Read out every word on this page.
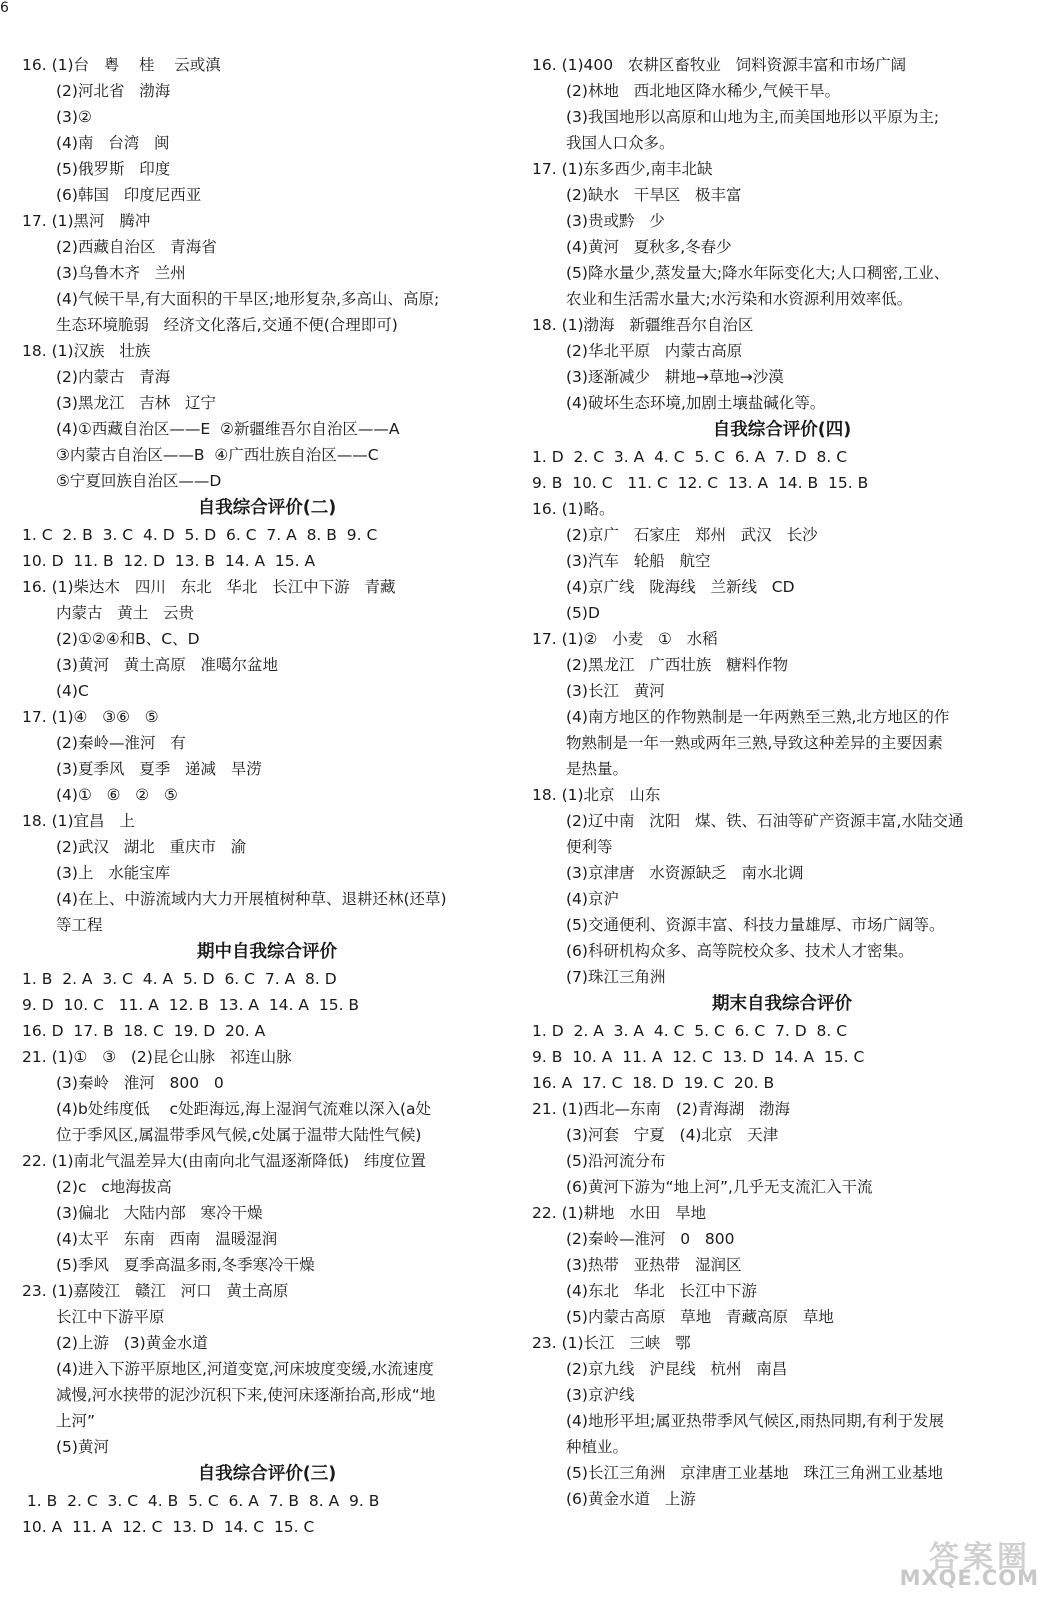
6
16. (1)台   粤    桂    云或滇
(2)河北省   渤海
(3)②
(4)南   台湾   闽
(5)俄罗斯   印度
(6)韩国   印度尼西亚
17. (1)黑河   腾冲
(2)西藏自治区   青海省
(3)乌鲁木齐   兰州
(4)气候干旱,有大面积的干旱区;地形复杂,多高山、高原;
生态环境脆弱   经济文化落后,交通不便(合理即可)
18. (1)汉族   壮族
(2)内蒙古   青海
(3)黑龙江   吉林   辽宁
(4)①西藏自治区——E  ②新疆维吾尔自治区——A
③内蒙古自治区——B  ④广西壮族自治区——C
⑤宁夏回族自治区——D
自我综合评价(二)
1. C  2. B  3. C  4. D  5. D  6. C  7. A  8. B  9. C
10. D  11. B  12. D  13. B  14. A  15. A
16. (1)柴达木   四川   东北   华北   长江中下游   青藏
内蒙古   黄土   云贵
(2)①②④和B、C、D
(3)黄河   黄土高原   准噶尔盆地
(4)C
17. (1)④   ③⑥   ⑤
(2)秦岭—淮河   有
(3)夏季风   夏季   递减   旱涝
(4)①   ⑥   ②   ⑤
18. (1)宜昌   上
(2)武汉   湖北   重庆市   渝
(3)上   水能宝库
(4)在上、中游流域内大力开展植树种草、退耕还林(还草)
等工程
期中自我综合评价
1. B  2. A  3. C  4. A  5. D  6. C  7. A  8. D
9. D  10. C   11. A  12. B  13. A  14. A  15. B
16. D  17. B  18. C  19. D  20. A
21. (1)①   ③   (2)昆仑山脉   祁连山脉
(3)秦岭   淮河   800   0
(4)b处纬度低    c处距海远,海上湿润气流难以深入(a处
位于季风区,属温带季风气候,c处属于温带大陆性气候)
22. (1)南北气温差异大(由南向北气温逐渐降低)   纬度位置
(2)c   c地海拔高
(3)偏北   大陆内部   寒冷干燥
(4)太平   东南   西南   温暖湿润
(5)季风   夏季高温多雨,冬季寒冷干燥
23. (1)嘉陵江   赣江   河口   黄土高原
长江中下游平原
(2)上游   (3)黄金水道
(4)进入下游平原地区,河道变宽,河床坡度变缓,水流速度
减慢,河水挟带的泥沙沉积下来,使河床逐渐抬高,形成“地
上河”
(5)黄河
自我综合评价(三)
1. B  2. C  3. C  4. B  5. C  6. A  7. B  8. A  9. B
10. A  11. A  12. C  13. D  14. C  15. C
16. (1)400   农耕区畜牧业   饲料资源丰富和市场广阔
(2)林地   西北地区降水稀少,气候干旱。
(3)我国地形以高原和山地为主,而美国地形以平原为主;
我国人口众多。
17. (1)东多西少,南丰北缺
(2)缺水   干旱区   极丰富
(3)贵或黔   少
(4)黄河   夏秋多,冬春少
(5)降水量少,蒸发量大;降水年际变化大;人口稠密,工业、
农业和生活需水量大;水污染和水资源利用效率低。
18. (1)渤海   新疆维吾尔自治区
(2)华北平原   内蒙古高原
(3)逐渐减少   耕地→草地→沙漠
(4)破坏生态环境,加剧土壤盐碱化等。
自我综合评价(四)
1. D  2. C  3. A  4. C  5. C  6. A  7. D  8. C
9. B  10. C   11. C  12. C  13. A  14. B  15. B
16. (1)略。
(2)京广   石家庄   郑州   武汉   长沙
(3)汽车   轮船   航空
(4)京广线   陇海线   兰新线   CD
(5)D
17. (1)②   小麦   ①   水稻
(2)黑龙江   广西壮族   糖料作物
(3)长江   黄河
(4)南方地区的作物熟制是一年两熟至三熟,北方地区的作
物熟制是一年一熟或两年三熟,导致这种差异的主要因素
是热量。
18. (1)北京   山东
(2)辽中南   沈阳   煤、铁、石油等矿产资源丰富,水陆交通
便利等
(3)京津唐   水资源缺乏   南水北调
(4)京沪
(5)交通便利、资源丰富、科技力量雄厚、市场广阔等。
(6)科研机构众多、高等院校众多、技术人才密集。
(7)珠江三角洲
期末自我综合评价
1. D  2. A  3. A  4. C  5. C  6. C  7. D  8. C
9. B  10. A  11. A  12. C  13. D  14. A  15. C
16. A  17. C  18. D  19. C  20. B
21. (1)西北—东南   (2)青海湖   渤海
(3)河套   宁夏   (4)北京   天津
(5)沿河流分布
(6)黄河下游为“地上河”,几乎无支流汇入干流
22. (1)耕地   水田   旱地
(2)秦岭—淮河   0   800
(3)热带   亚热带   湿润区
(4)东北   华北   长江中下游
(5)内蒙古高原   草地   青藏高原   草地
23. (1)长江   三峡   鄂
(2)京九线   沪昆线   杭州   南昌
(3)京沪线
(4)地形平坦;属亚热带季风气候区,雨热同期,有利于发展
种植业。
(5)长江三角洲   京津唐工业基地   珠江三角洲工业基地
(6)黄金水道   上游
答案圈
MXQE.COM
